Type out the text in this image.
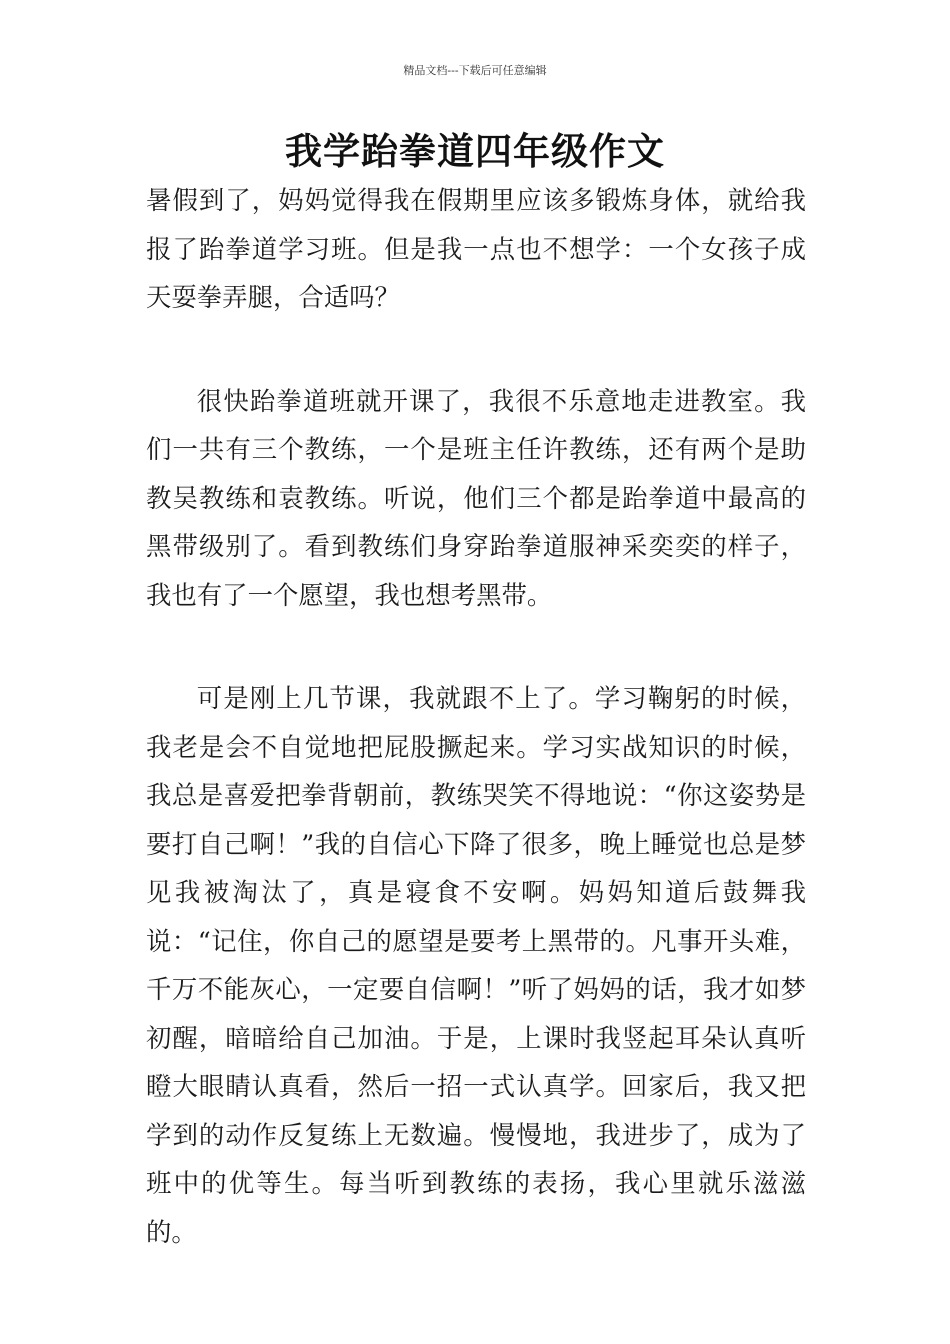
精品文档---下载后可任意编辑
我学跆拳道四年级作文

暑假到了，妈妈觉得我在假期里应该多锻炼身体，就给我报了跆拳道学习班。但是我一点也不想学：一个女孩子成天耍拳弄腿，合适吗？

很快跆拳道班就开课了，我很不乐意地走进教室。我们一共有三个教练，一个是班主任许教练，还有两个是助教吴教练和袁教练。听说，他们三个都是跆拳道中最高的黑带级别了。看到教练们身穿跆拳道服神采奕奕的样子，我也有了一个愿望，我也想考黑带。

可是刚上几节课，我就跟不上了。学习鞠躬的时候，我老是会不自觉地把屁股撅起来。学习实战知识的时候，我总是喜爱把拳背朝前，教练哭笑不得地说：“你这姿势是要打自己啊！”我的自信心下降了很多，晚上睡觉也总是梦见我被淘汰了，真是寝食不安啊。妈妈知道后鼓舞我说：“记住，你自己的愿望是要考上黑带的。凡事开头难，千万不能灰心，一定要自信啊！”听了妈妈的话，我才如梦初醒，暗暗给自己加油。于是，上课时我竖起耳朵认真听瞪大眼睛认真看，然后一招一式认真学。回家后，我又把学到的动作反复练上无数遍。慢慢地，我进步了，成为了班中的优等生。每当听到教练的表扬，我心里就乐滋滋的。
